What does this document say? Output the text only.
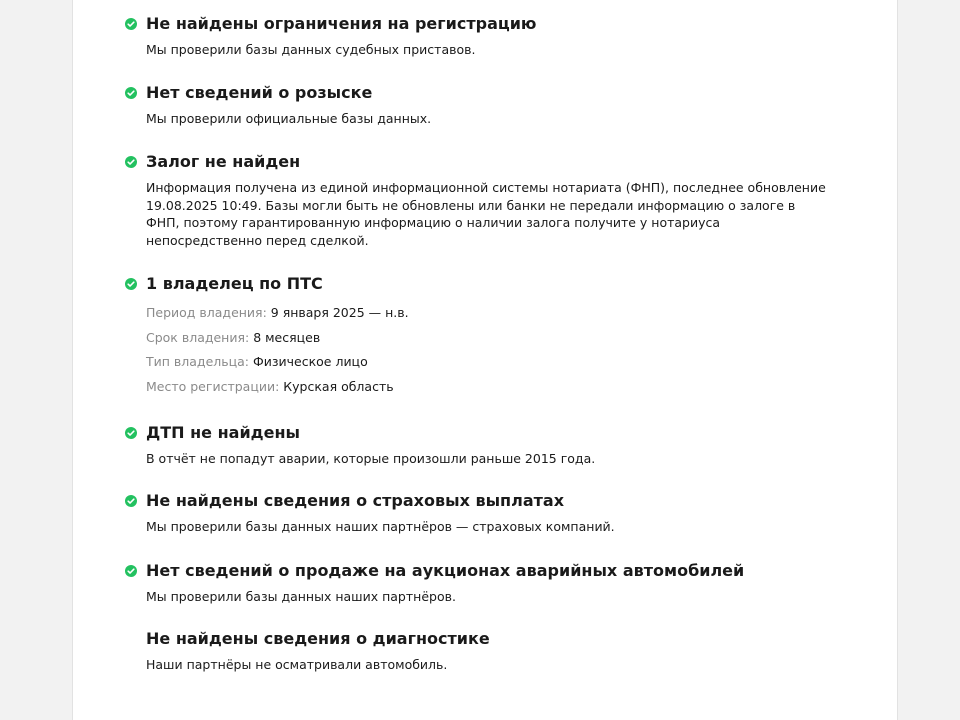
Не найдены ограничения на регистрацию
Мы проверили базы данных судебных приставов.
Нет сведений о розыске
Мы проверили официальные базы данных.
Залог не найден
Информация получена из единой информационной системы нотариата (ФНП), последнее обновление 19.08.2025 10:49. Базы могли быть не обновлены или банки не передали информацию о залоге в ФНП, поэтому гарантированную информацию о наличии залога получите у нотариуса непосредственно перед сделкой.
1 владелец по ПТС
Период владения: 9 января 2025 — н.в.
Срок владения: 8 месяцев
Тип владельца: Физическое лицо
Место регистрации: Курская область
ДТП не найдены
В отчёт не попадут аварии, которые произошли раньше 2015 года.
Не найдены сведения о страховых выплатах
Мы проверили базы данных наших партнёров — страховых компаний.
Нет сведений о продаже на аукционах аварийных автомобилей
Мы проверили базы данных наших партнёров.
Не найдены сведения о диагностике
Наши партнёры не осматривали автомобиль.
